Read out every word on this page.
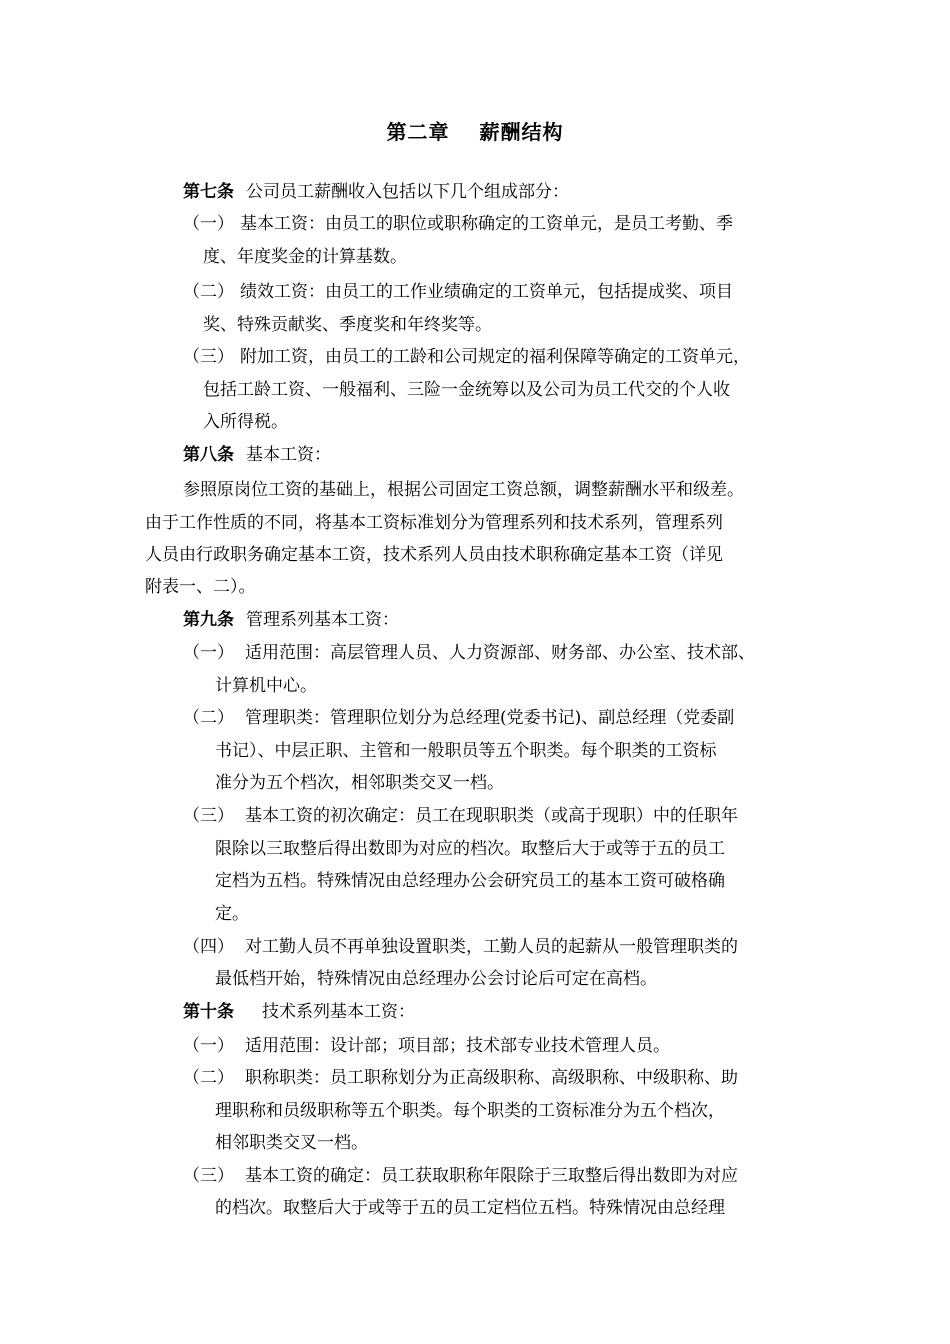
第二章 薪酬结构
第七条 公司员工薪酬收入包括以下几个组成部分：
（一） 基本工资：由员工的职位或职称确定的工资单元，是员工考勤、季
度、年度奖金的计算基数。
（二） 绩效工资：由员工的工作业绩确定的工资单元，包括提成奖、项目
奖、特殊贡献奖、季度奖和年终奖等。
（三） 附加工资，由员工的工龄和公司规定的福利保障等确定的工资单元，
包括工龄工资、一般福利、三险一金统筹以及公司为员工代交的个人收
入所得税。
第八条 基本工资：
参照原岗位工资的基础上，根据公司固定工资总额，调整薪酬水平和级差。
由于工作性质的不同，将基本工资标准划分为管理系列和技术系列，管理系列
人员由行政职务确定基本工资，技术系列人员由技术职称确定基本工资（详见
附表一、二）。
第九条 管理系列基本工资：
（一） 适用范围：高层管理人员、人力资源部、财务部、办公室、技术部、
计算机中心。
（二） 管理职类：管理职位划分为总经理(党委书记)、副总经理（党委副
书记）、中层正职、主管和一般职员等五个职类。每个职类的工资标
准分为五个档次，相邻职类交叉一档。
（三） 基本工资的初次确定：员工在现职职类（或高于现职）中的任职年
限除以三取整后得出数即为对应的档次。取整后大于或等于五的员工
定档为五档。特殊情况由总经理办公会研究员工的基本工资可破格确
定。
（四） 对工勤人员不再单独设置职类，工勤人员的起薪从一般管理职类的
最低档开始，特殊情况由总经理办公会讨论后可定在高档。
第十条 技术系列基本工资：
（一） 适用范围：设计部；项目部；技术部专业技术管理人员。
（二） 职称职类：员工职称划分为正高级职称、高级职称、中级职称、助
理职称和员级职称等五个职类。每个职类的工资标准分为五个档次，
相邻职类交叉一档。
（三） 基本工资的确定：员工获取职称年限除于三取整后得出数即为对应
的档次。取整后大于或等于五的员工定档位五档。特殊情况由总经理
